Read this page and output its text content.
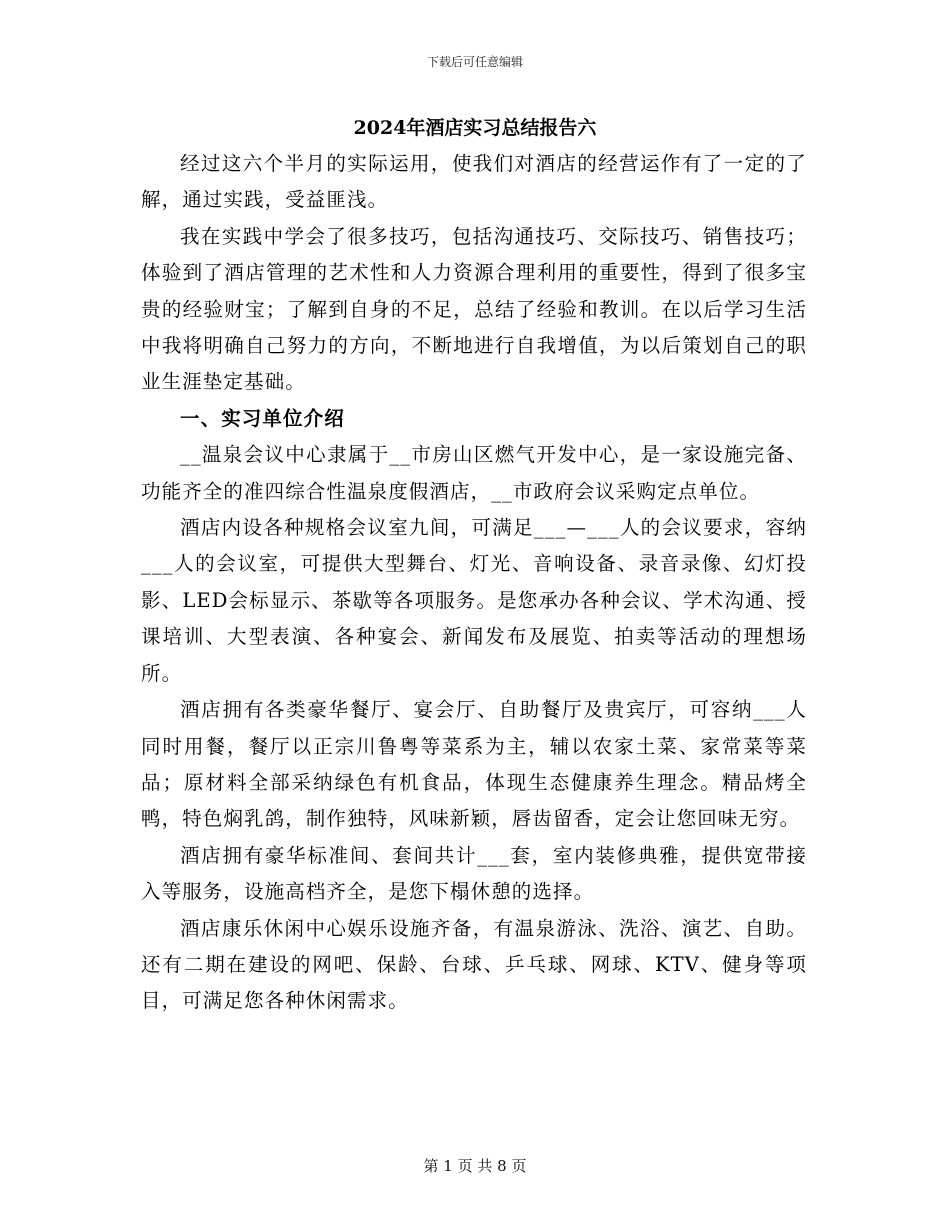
下载后可任意编辑
2024年酒店实习总结报告六

经过这六个半月的实际运用，使我们对酒店的经营运作有了一定的了解，通过实践，受益匪浅。

我在实践中学会了很多技巧，包括沟通技巧、交际技巧、销售技巧；体验到了酒店管理的艺术性和人力资源合理利用的重要性，得到了很多宝贵的经验财宝；了解到自身的不足，总结了经验和教训。在以后学习生活中我将明确自己努力的方向，不断地进行自我增值，为以后策划自己的职业生涯垫定基础。

一、实习单位介绍

__温泉会议中心隶属于__市房山区燃气开发中心，是一家设施完备、功能齐全的准四综合性温泉度假酒店，__市政府会议采购定点单位。

酒店内设各种规格会议室九间，可满足___—___人的会议要求，容纳___人的会议室，可提供大型舞台、灯光、音响设备、录音录像、幻灯投影、LED会标显示、茶歇等各项服务。是您承办各种会议、学术沟通、授课培训、大型表演、各种宴会、新闻发布及展览、拍卖等活动的理想场所。

酒店拥有各类豪华餐厅、宴会厅、自助餐厅及贵宾厅，可容纳___人同时用餐，餐厅以正宗川鲁粤等菜系为主，辅以农家土菜、家常菜等菜品；原材料全部采纳绿色有机食品，体现生态健康养生理念。精品烤全鸭，特色焖乳鸽，制作独特，风味新颖，唇齿留香，定会让您回味无穷。

酒店拥有豪华标准间、套间共计___套，室内装修典雅，提供宽带接入等服务，设施高档齐全，是您下榻休憩的选择。

酒店康乐休闲中心娱乐设施齐备，有温泉游泳、洗浴、演艺、自助。还有二期在建设的网吧、保龄、台球、乒乓球、网球、KTV、健身等项目，可满足您各种休闲需求。

第 1 页 共 8 页
